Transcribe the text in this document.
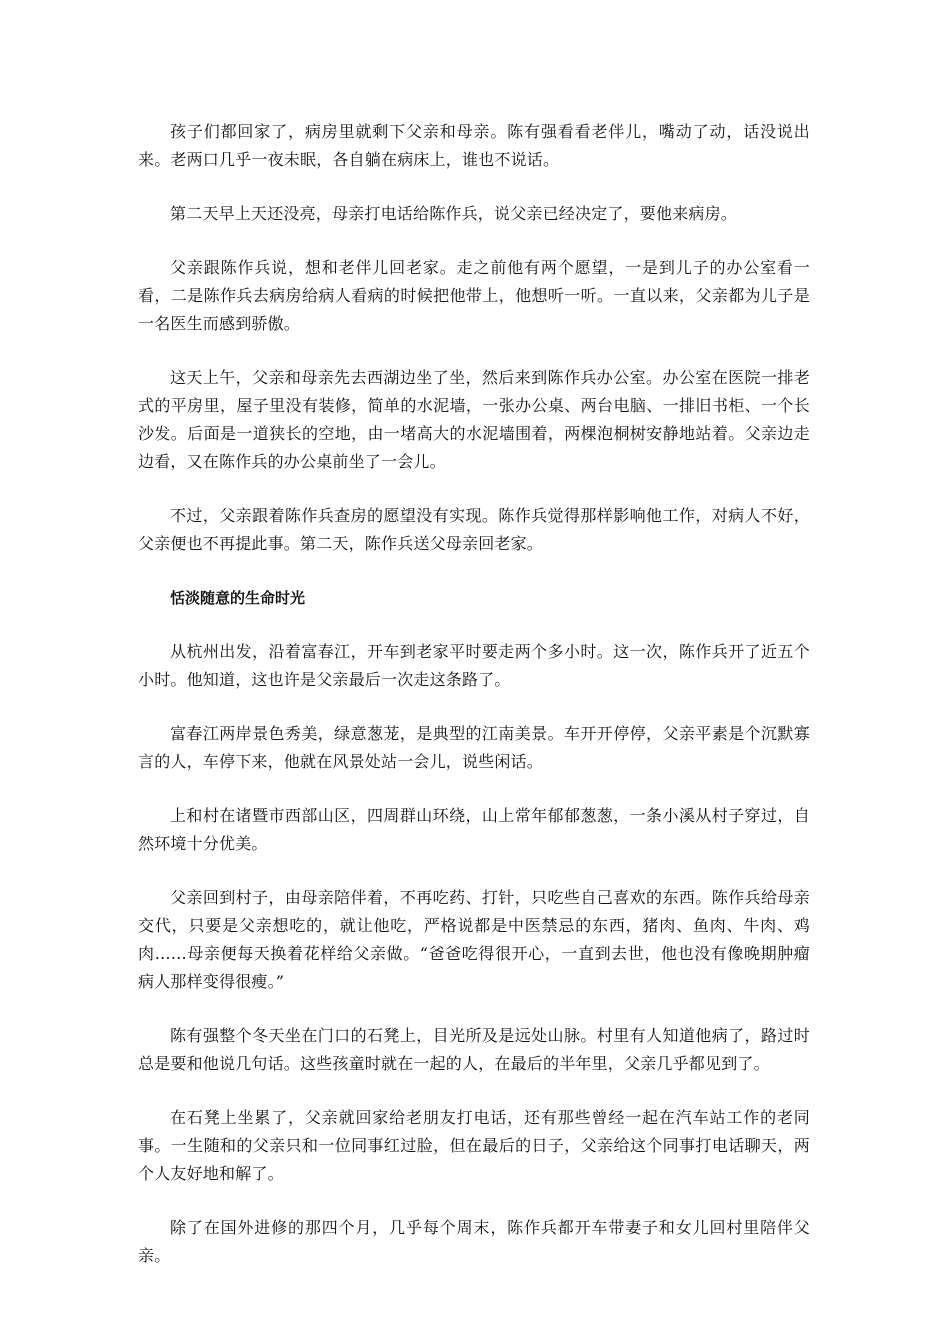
孩子们都回家了，病房里就剩下父亲和母亲。陈有强看看老伴儿，嘴动了动，话没说出来。老两口几乎一夜未眠，各自躺在病床上，谁也不说话。

第二天早上天还没亮，母亲打电话给陈作兵，说父亲已经决定了，要他来病房。

父亲跟陈作兵说，想和老伴儿回老家。走之前他有两个愿望，一是到儿子的办公室看一看，二是陈作兵去病房给病人看病的时候把他带上，他想听一听。一直以来，父亲都为儿子是一名医生而感到骄傲。

这天上午，父亲和母亲先去西湖边坐了坐，然后来到陈作兵办公室。办公室在医院一排老式的平房里，屋子里没有装修，简单的水泥墙，一张办公桌、两台电脑、一排旧书柜、一个长沙发。后面是一道狭长的空地，由一堵高大的水泥墙围着，两棵泡桐树安静地站着。父亲边走边看，又在陈作兵的办公桌前坐了一会儿。

不过，父亲跟着陈作兵查房的愿望没有实现。陈作兵觉得那样影响他工作，对病人不好，父亲便也不再提此事。第二天，陈作兵送父母亲回老家。

恬淡随意的生命时光

从杭州出发，沿着富春江，开车到老家平时要走两个多小时。这一次，陈作兵开了近五个小时。他知道，这也许是父亲最后一次走这条路了。

富春江两岸景色秀美，绿意葱茏，是典型的江南美景。车开开停停，父亲平素是个沉默寡言的人，车停下来，他就在风景处站一会儿，说些闲话。

上和村在诸暨市西部山区，四周群山环绕，山上常年郁郁葱葱，一条小溪从村子穿过，自然环境十分优美。

父亲回到村子，由母亲陪伴着，不再吃药、打针，只吃些自己喜欢的东西。陈作兵给母亲交代，只要是父亲想吃的，就让他吃，严格说都是中医禁忌的东西，猪肉、鱼肉、牛肉、鸡肉……母亲便每天换着花样给父亲做。“爸爸吃得很开心，一直到去世，他也没有像晚期肿瘤病人那样变得很瘦。”

陈有强整个冬天坐在门口的石凳上，目光所及是远处山脉。村里有人知道他病了，路过时总是要和他说几句话。这些孩童时就在一起的人，在最后的半年里，父亲几乎都见到了。

在石凳上坐累了，父亲就回家给老朋友打电话，还有那些曾经一起在汽车站工作的老同事。一生随和的父亲只和一位同事红过脸，但在最后的日子，父亲给这个同事打电话聊天，两个人友好地和解了。

除了在国外进修的那四个月，几乎每个周末，陈作兵都开车带妻子和女儿回村里陪伴父亲。
